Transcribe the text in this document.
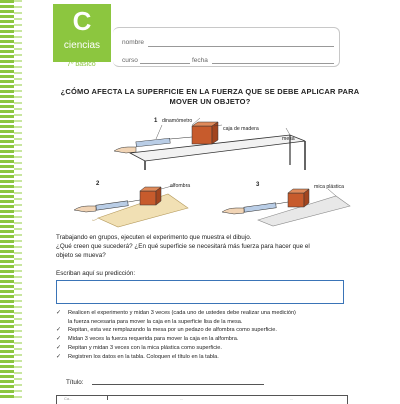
C
ciencias
7º básico
nombre
curso	fecha
¿CÓMO AFECTA LA SUPERFICIE EN LA FUERZA QUE SE DEBE APLICAR PARA
MOVER UN OBJETO?
1 dinamómetro
caja de madera
mesa
2	alfombra	3	mica plástica
Trabajando en grupos, ejecuten el experimento que muestra el dibujo.
¿Qué creen que sucederá? ¿En qué superficie se necesitará más fuerza para hacer que el
objeto se mueva?
Escriban aquí su predicción:
✓ Realicen el experimento y midan 3 veces (cada uno de ustedes debe realizar una medición)
la fuerza necesaria para mover la caja en la superficie lisa de la mesa.
✓ Repitan, esta vez remplazando la mesa por un pedazo de alfombra como superficie.
✓ Midan 3 veces la fuerza requerida para mover la caja en la alfombra.
✓ Repitan y midan 3 veces con la mica plástica como superficie.
✓ Registren los datos en la tabla. Coloquen el título en la tabla.
Título:
Ca...	...	...
